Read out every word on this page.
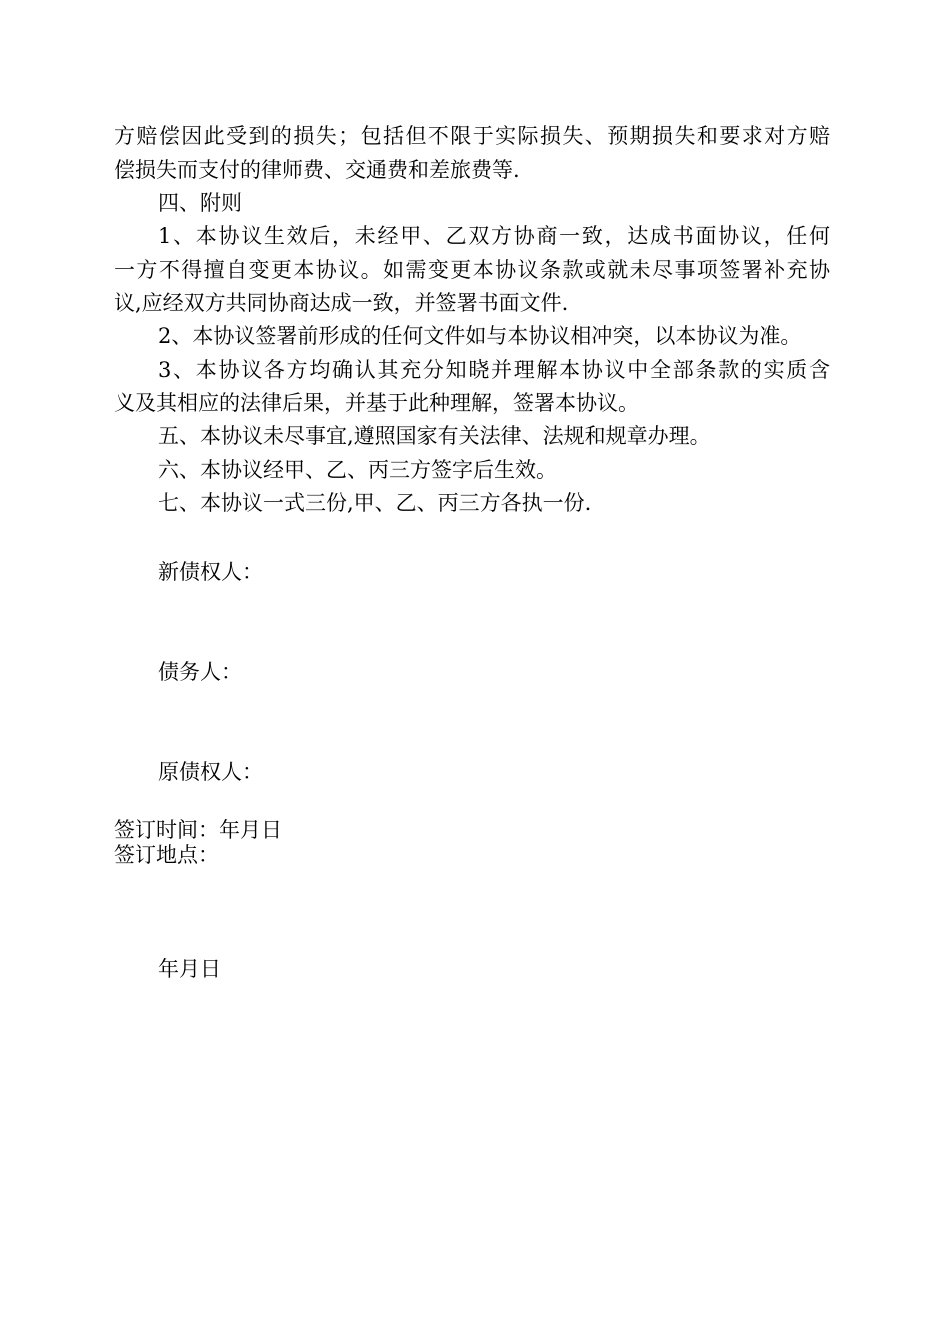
方赔偿因此受到的损失；包括但不限于实际损失、预期损失和要求对方赔
偿损失而支付的律师费、交通费和差旅费等.
四、附则
1、本协议生效后，未经甲、乙双方协商一致，达成书面协议，任何
一方不得擅自变更本协议。如需变更本协议条款或就未尽事项签署补充协
议,应经双方共同协商达成一致，并签署书面文件.
2、本协议签署前形成的任何文件如与本协议相冲突，以本协议为准。
3、本协议各方均确认其充分知晓并理解本协议中全部条款的实质含
义及其相应的法律后果，并基于此种理解，签署本协议。
五、本协议未尽事宜,遵照国家有关法律、法规和规章办理。
六、本协议经甲、乙、丙三方签字后生效。
七、本协议一式三份,甲、乙、丙三方各执一份.
新债权人：
债务人：
原债权人：
签订时间：年月日
签订地点：
年月日
